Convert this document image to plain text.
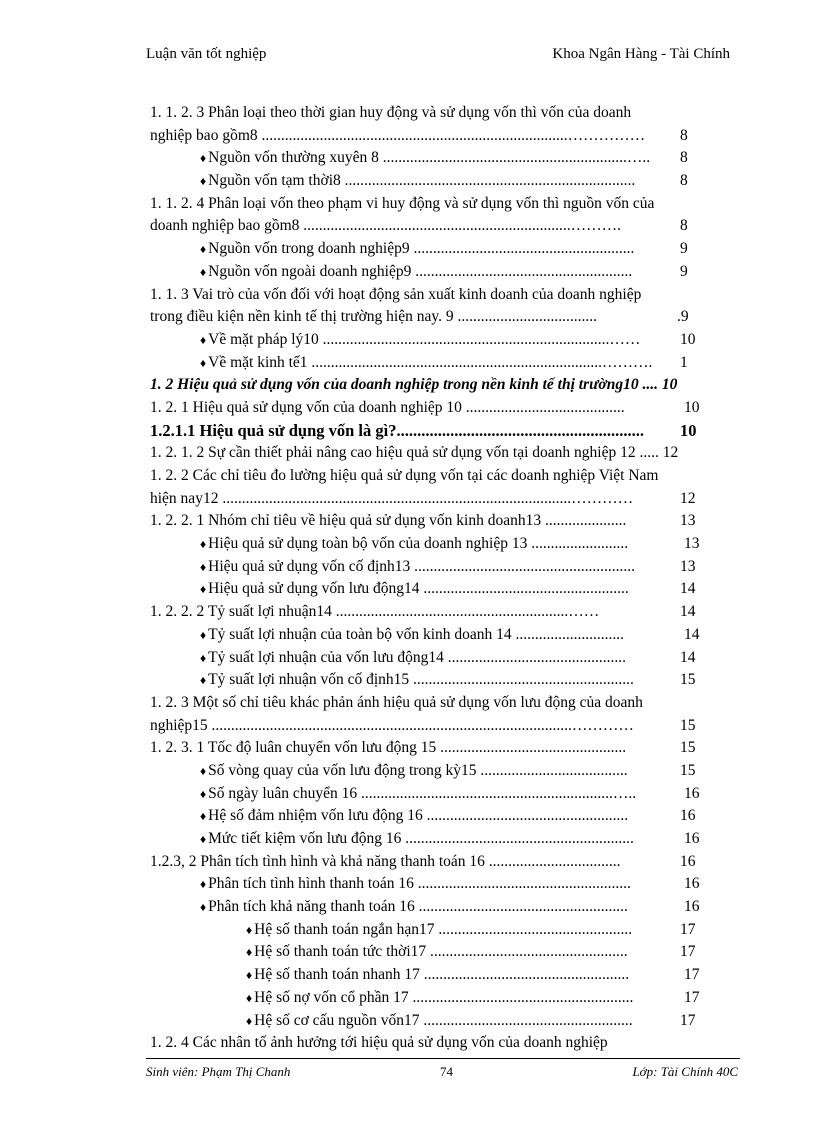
Luận văn tốt nghiệp	Khoa Ngân Hàng - Tài Chính
1. 1. 2. 3 Phân loại theo thời gian huy động và sử dụng vốn thì vốn của doanh
nghiệp bao gồm8 ...............................................................................…………… 8
♦ Nguồn vốn thường xuyên 8 ...............................................................….. 8
♦ Nguồn vốn tạm thời8 ...........................................................................	8
1. 1. 2. 4 Phân loại vốn theo phạm vi huy động và sử dụng vốn thì nguồn vốn của
doanh nghiệp bao gồm8 .....................................................................……….	8
♦ Nguồn vốn trong doanh nghiệp9 .........................................................	9
♦ Nguồn vốn ngoài doanh nghiệp9 ........................................................	9
1. 1. 3 Vai trò của vốn đối với hoạt động sản xuất kinh doanh của doanh nghiệp
trong điều kiện nền kinh tế thị trường hiện nay. 9 ....................................	.9
♦ Về mặt pháp lý10 ..........................................................................……	10
♦ Về mặt kinh tế1 ...........................................................................………. 1
1. 2 Hiệu quả sử dụng vốn của doanh nghiệp trong nền kinh tế thị trường10 .... 10
1. 2. 1 Hiệu quả sử dụng vốn của doanh nghiệp 10 .........................................	10
1.2.1.1 Hiệu quả sử dụng vốn là gì?............................................................ 10
1. 2. 1. 2 Sự cần thiết phải nâng cao hiệu quả sử dụng vốn tại doanh nghiệp 12 ..... 12
1. 2. 2 Các chỉ tiêu đo lường hiệu quả sử dụng vốn tại các doanh nghiệp Việt Nam
hiện nay12 ..........................................................................................…………	12
1. 2. 2. 1 Nhóm chỉ tiêu về hiệu quả sử dụng vốn kinh doanh13 .....................	13
♦ Hiệu quả sử dụng toàn bộ vốn của doanh nghiệp 13 .........................	13
♦ Hiệu quả sử dụng vốn cố định13 .........................................................	13
♦ Hiệu quả sử dụng vốn lưu động14 .....................................................	14
1. 2. 2. 2 Tỷ suất lợi nhuận14 ............................................................……	14
♦ Tỷ suất lợi nhuận của toàn bộ vốn kinh doanh 14 ............................	14
♦ Tỷ suất lợi nhuận của vốn lưu động14 ..............................................	14
♦ Tỷ suất lợi nhuận vốn cố định15 .........................................................	15
1. 2. 3 Một số chỉ tiêu khác phản ánh hiệu quả sử dụng vốn lưu động của doanh
nghiệp15 .............................................................................................…………	15
1. 2. 3. 1 Tốc độ luân chuyển vốn lưu động 15 ................................................	15
♦ Số vòng quay của vốn lưu động trong kỳ15 ......................................	15
♦ Số ngày luân chuyển 16 .................................................................…..	16
♦ Hệ số đảm nhiệm vốn lưu động 16 ....................................................	16
♦ Mức tiết kiệm vốn lưu động 16 ...........................................................	16
1.2.3, 2 Phân tích tình hình và khả năng thanh toán 16 ..................................	16
♦ Phân tích tình hình thanh toán 16 .......................................................	16
♦ Phân tích khả năng thanh toán 16 ......................................................	16
♦ Hệ số thanh toán ngắn hạn17 ..................................................	17
♦ Hệ số thanh toán tức thời17 ...................................................	17
♦ Hệ số thanh toán nhanh 17 .....................................................	17
♦ Hệ số nợ vốn cổ phần 17 .........................................................	17
♦ Hệ số cơ cấu nguồn vốn17 ......................................................	17
1. 2. 4 Các nhân tố ảnh hưởng tới hiệu quả sử dụng vốn của doanh nghiệp
Sinh viên: Phạm Thị Chanh	74	Lớp: Tài Chính 40C
